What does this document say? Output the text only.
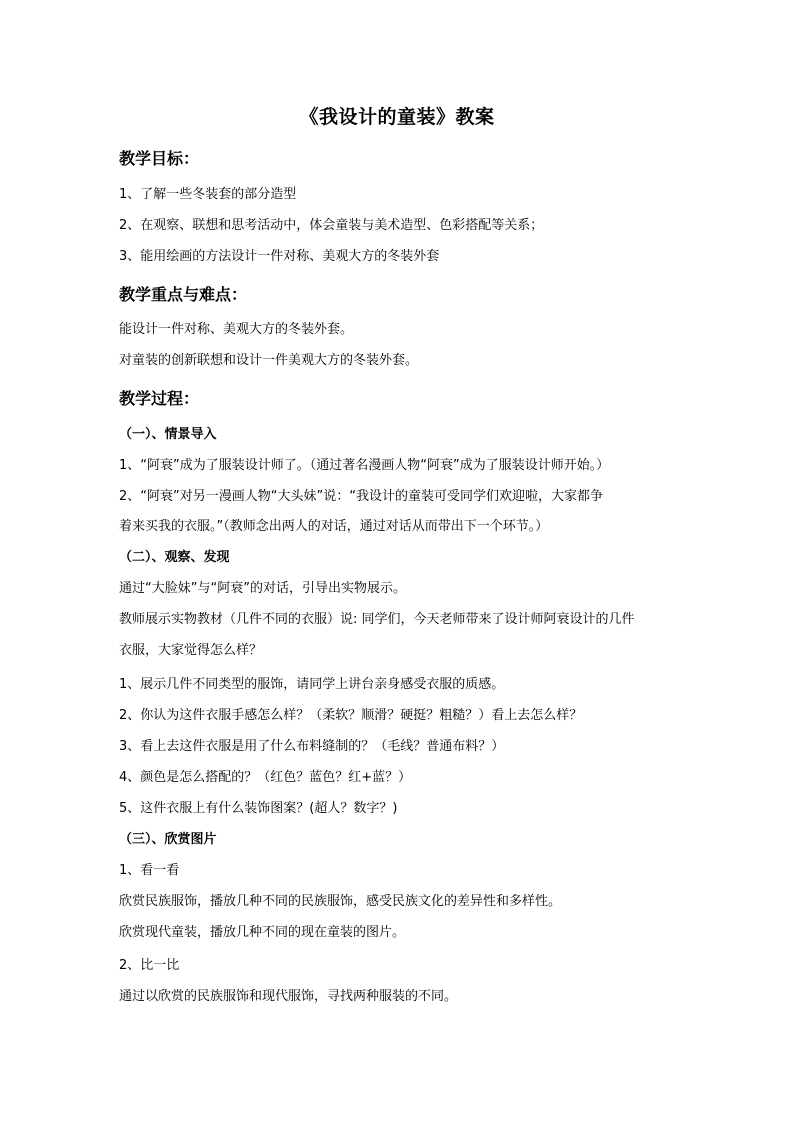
《我设计的童装》教案
教学目标：
1、了解一些冬装套的部分造型
2、在观察、联想和思考活动中，体会童装与美术造型、色彩搭配等关系；
3、能用绘画的方法设计一件对称、美观大方的冬装外套
教学重点与难点：
能设计一件对称、美观大方的冬装外套。
对童装的创新联想和设计一件美观大方的冬装外套。
教学过程：
（一）、情景导入
1、“阿衰”成为了服装设计师了。（通过著名漫画人物“阿衰”成为了服装设计师开始。）
2、“阿衰”对另一漫画人物“大头妹”说：“我设计的童装可受同学们欢迎啦，大家都争
着来买我的衣服。”（教师念出两人的对话，通过对话从而带出下一个环节。）
（二）、观察、发现
通过“大脸妹”与“阿衰”的对话，引导出实物展示。
教师展示实物教材（几件不同的衣服）说: 同学们，今天老师带来了设计师阿衰设计的几件
衣服，大家觉得怎么样？
1、展示几件不同类型的服饰，请同学上讲台亲身感受衣服的质感。
2、你认为这件衣服手感怎么样？（柔软？顺滑？硬挺？粗糙？）看上去怎么样？
3、看上去这件衣服是用了什么布料缝制的？（毛线？普通布料？）
4、颜色是怎么搭配的？（红色？蓝色？红+蓝？）
5、这件衣服上有什么装饰图案？(超人？数字？)
（三）、欣赏图片
1、看一看
欣赏民族服饰，播放几种不同的民族服饰，感受民族文化的差异性和多样性。
欣赏现代童装，播放几种不同的现在童装的图片。
2、比一比
通过以欣赏的民族服饰和现代服饰，寻找两种服装的不同。
